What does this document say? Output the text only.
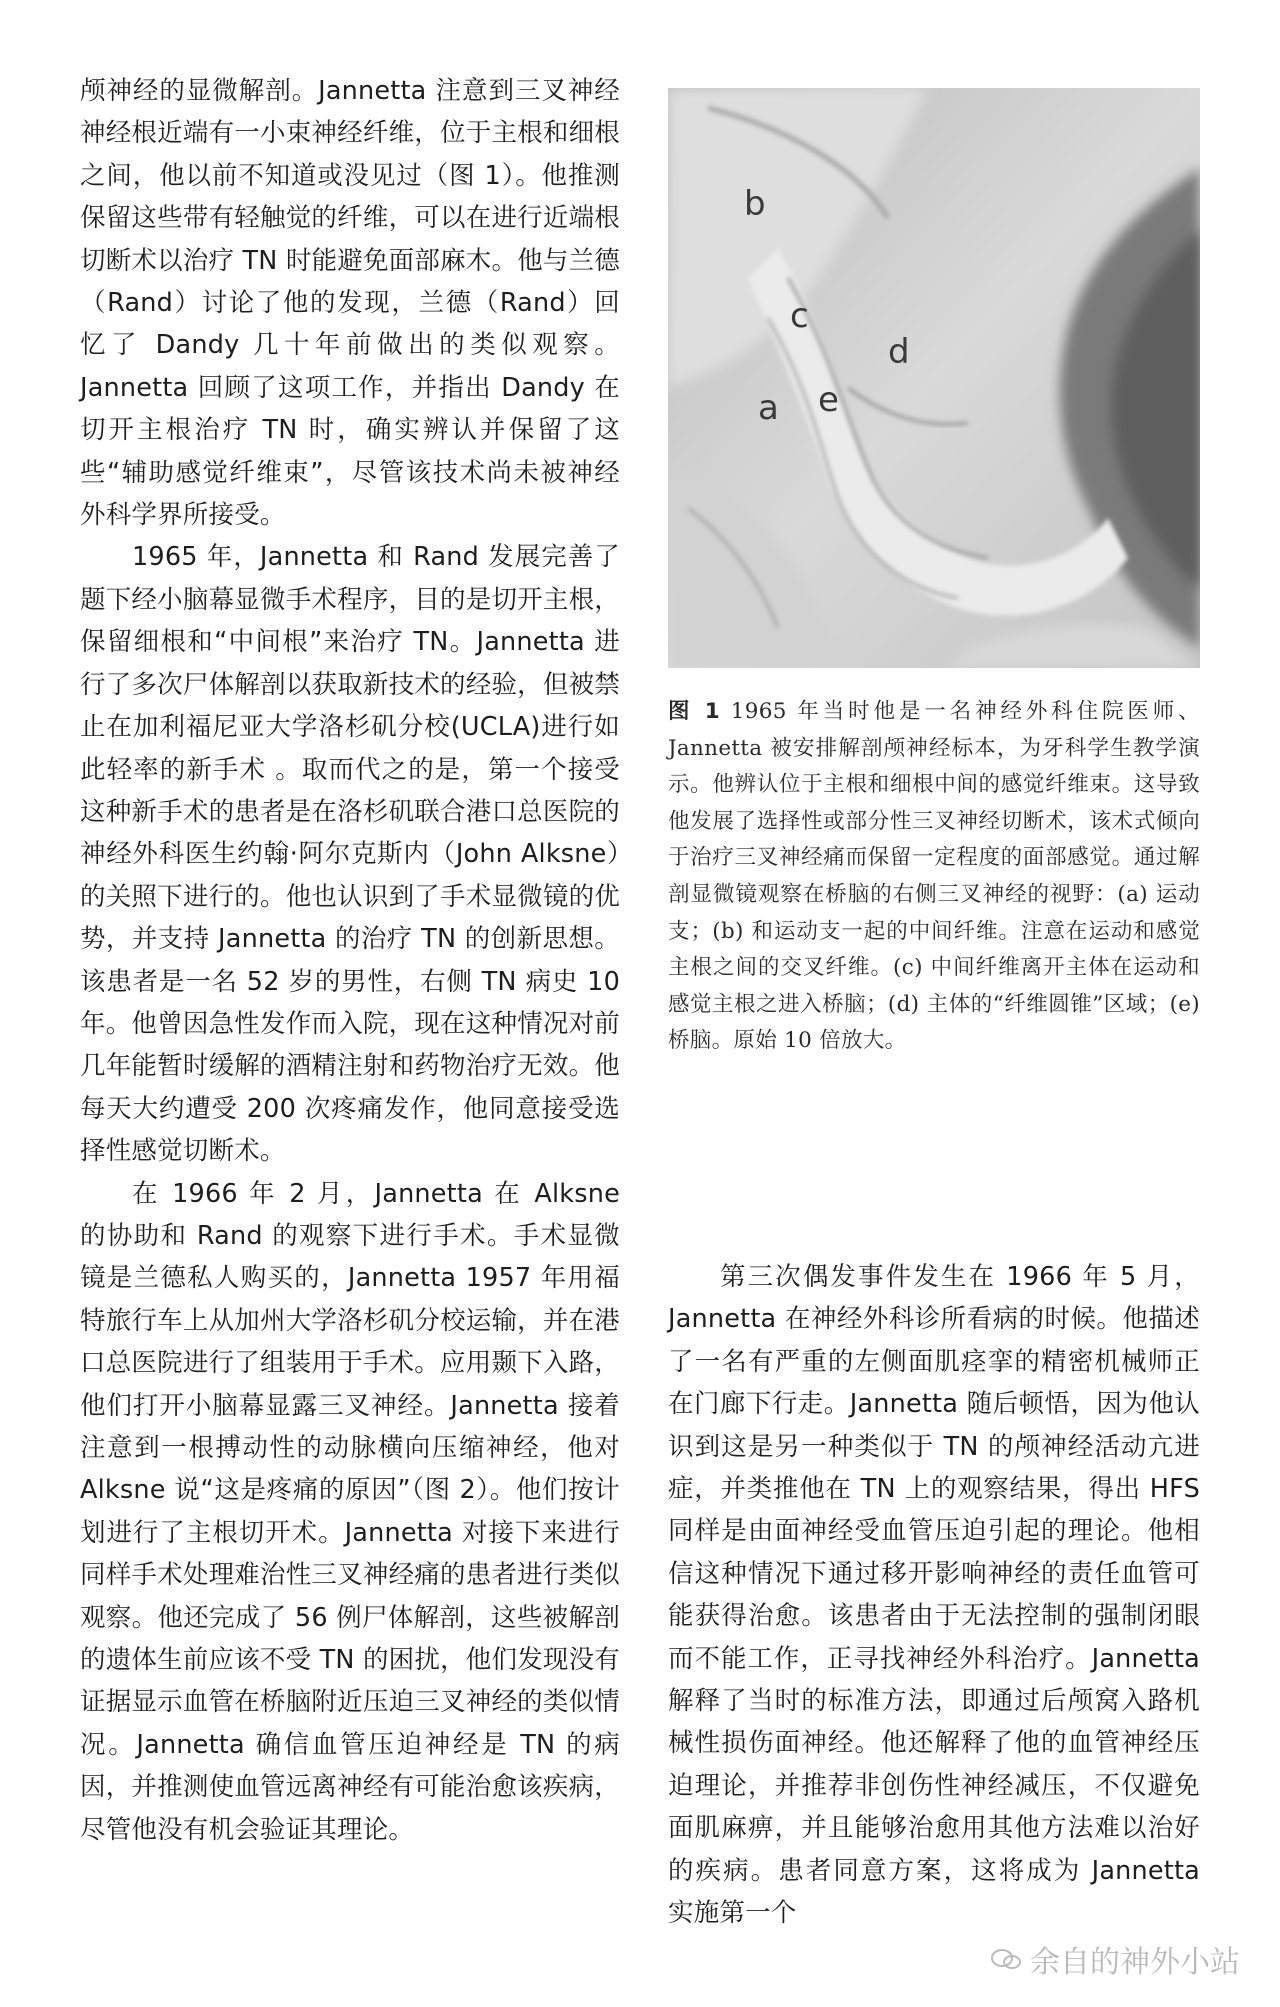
颅神经的显微解剖。Jannetta 注意到三叉神经神经根近端有一小束神经纤维，位于主根和细根之间，他以前不知道或没见过（图 1）。他推测保留这些带有轻触觉的纤维，可以在进行近端根切断术以治疗 TN 时能避免面部麻木。他与兰德（Rand）讨论了他的发现，兰德（Rand）回忆了 Dandy 几十年前做出的类似观察。Jannetta 回顾了这项工作，并指出 Dandy 在切开主根治疗 TN 时，确实辨认并保留了这些“辅助感觉纤维束”，尽管该技术尚未被神经外科学界所接受。

1965 年，Jannetta 和 Rand 发展完善了题下经小脑幕显微手术程序，目的是切开主根，保留细根和“中间根”来治疗 TN。Jannetta 进行了多次尸体解剖以获取新技术的经验，但被禁止在加利福尼亚大学洛杉矶分校(UCLA)进行如此轻率的新手术 。取而代之的是，第一个接受这种新手术的患者是在洛杉矶联合港口总医院的神经外科医生约翰·阿尔克斯内（John Alksne）的关照下进行的。他也认识到了手术显微镜的优势，并支持 Jannetta 的治疗 TN 的创新思想。该患者是一名 52 岁的男性，右侧 TN 病史 10 年。他曾因急性发作而入院，现在这种情况对前几年能暂时缓解的酒精注射和药物治疗无效。他每天大约遭受 200 次疼痛发作，他同意接受选择性感觉切断术。

在 1966 年 2 月，Jannetta 在 Alksne 的协助和 Rand 的观察下进行手术。手术显微镜是兰德私人购买的，Jannetta 1957 年用福特旅行车上从加州大学洛杉矶分校运输，并在港口总医院进行了组装用于手术。应用颞下入路，他们打开小脑幕显露三叉神经。Jannetta 接着注意到一根搏动性的动脉横向压缩神经，他对 Alksne 说“这是疼痛的原因”（图 2）。他们按计划进行了主根切开术。Jannetta 对接下来进行同样手术处理难治性三叉神经痛的患者进行类似观察。他还完成了 56 例尸体解剖，这些被解剖的遗体生前应该不受 TN 的困扰，他们发现没有证据显示血管在桥脑附近压迫三叉神经的类似情况。Jannetta 确信血管压迫神经是 TN 的病因，并推测使血管远离神经有可能治愈该疾病，尽管他没有机会验证其理论。

b
c
d
a e
图 1 1965 年当时他是一名神经外科住院医师、Jannetta 被安排解剖颅神经标本，为牙科学生教学演示。他辨认位于主根和细根中间的感觉纤维束。这导致他发展了选择性或部分性三叉神经切断术，该术式倾向于治疗三叉神经痛而保留一定程度的面部感觉。通过解剖显微镜观察在桥脑的右侧三叉神经的视野：(a) 运动支；(b) 和运动支一起的中间纤维。注意在运动和感觉主根之间的交叉纤维。(c) 中间纤维离开主体在运动和感觉主根之进入桥脑；(d) 主体的“纤维圆锥”区域；(e) 桥脑。原始 10 倍放大。

第三次偶发事件发生在 1966 年 5 月，Jannetta 在神经外科诊所看病的时候。他描述了一名有严重的左侧面肌痉挛的精密机械师正在门廊下行走。Jannetta 随后顿悟，因为他认识到这是另一种类似于 TN 的颅神经活动亢进症，并类推他在 TN 上的观察结果，得出 HFS 同样是由面神经受血管压迫引起的理论。他相信这种情况下通过移开影响神经的责任血管可能获得治愈。该患者由于无法控制的强制闭眼而不能工作，正寻找神经外科治疗。Jannetta 解释了当时的标准方法，即通过后颅窝入路机械性损伤面神经。他还解释了他的血管神经压迫理论，并推荐非创伤性神经减压，不仅避免面肌麻痹，并且能够治愈用其他方法难以治好的疾病。患者同意方案，这将成为 Jannetta 实施第一个

余自的神外小站
